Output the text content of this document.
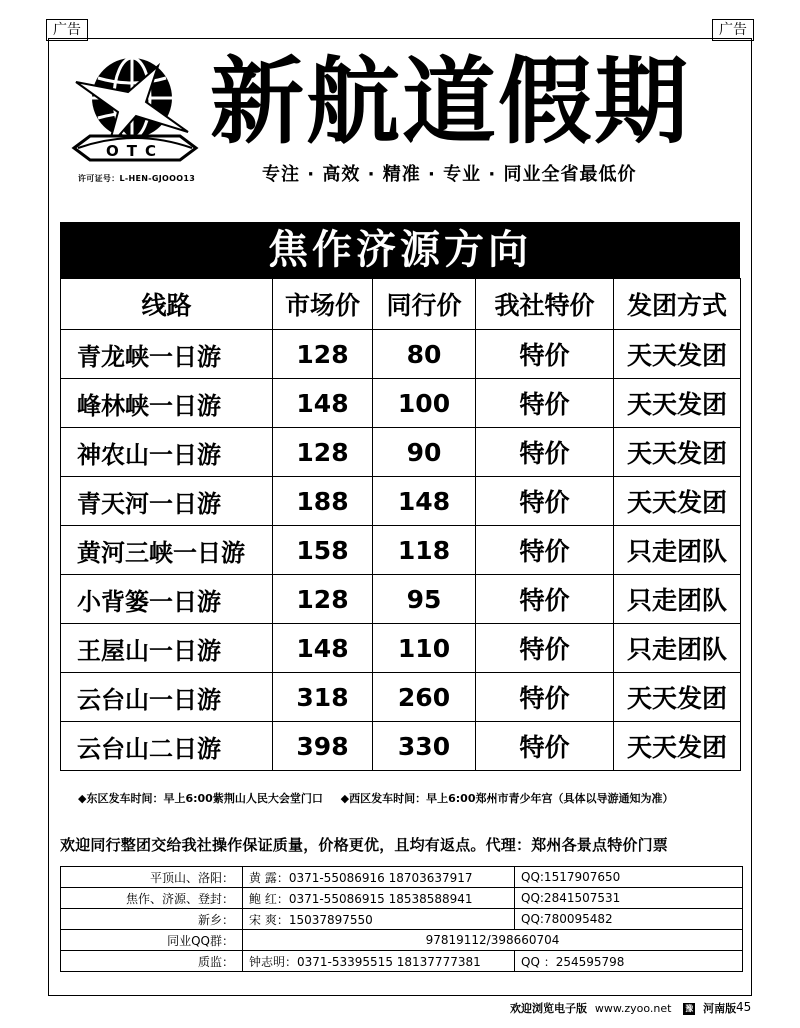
广告	广告
OTC
许可证号：L-HEN-GJOOO13
新航道假期
专注 · 高效 · 精准 · 专业 · 同业全省最低价
焦作济源方向
线路	市场价	同行价	我社特价	发团方式
青龙峡一日游	128	80	特价	天天发团
峰林峡一日游	148	100	特价	天天发团
神农山一日游	128	90	特价	天天发团
青天河一日游	188	148	特价	天天发团
黄河三峡一日游	158	118	特价	只走团队
小背篓一日游	128	95	特价	只走团队
王屋山一日游	148	110	特价	只走团队
云台山一日游	318	260	特价	天天发团
云台山二日游	398	330	特价	天天发团
◆东区发车时间：早上6:00紫荆山人民大会堂门口 ◆西区发车时间：早上6:00郑州市青少年宫（具体以导游通知为准）
欢迎同行整团交给我社操作保证质量，价格更优，且均有返点。代理：郑州各景点特价门票
平顶山、洛阳：	黄 露：0371-55086916 18703637917	QQ:1517907650
焦作、济源、登封：	鲍 红：0371-55086915 18538588941	QQ:2841507531
新乡：	宋 爽：15037897550	QQ:780095482
同业QQ群：	97819112/398660704	
质监：	钟志明：0371-53395515 18137777381	QQ ：254595798
欢迎浏览电子版 www.zyoo.net 豫 河南版 45
